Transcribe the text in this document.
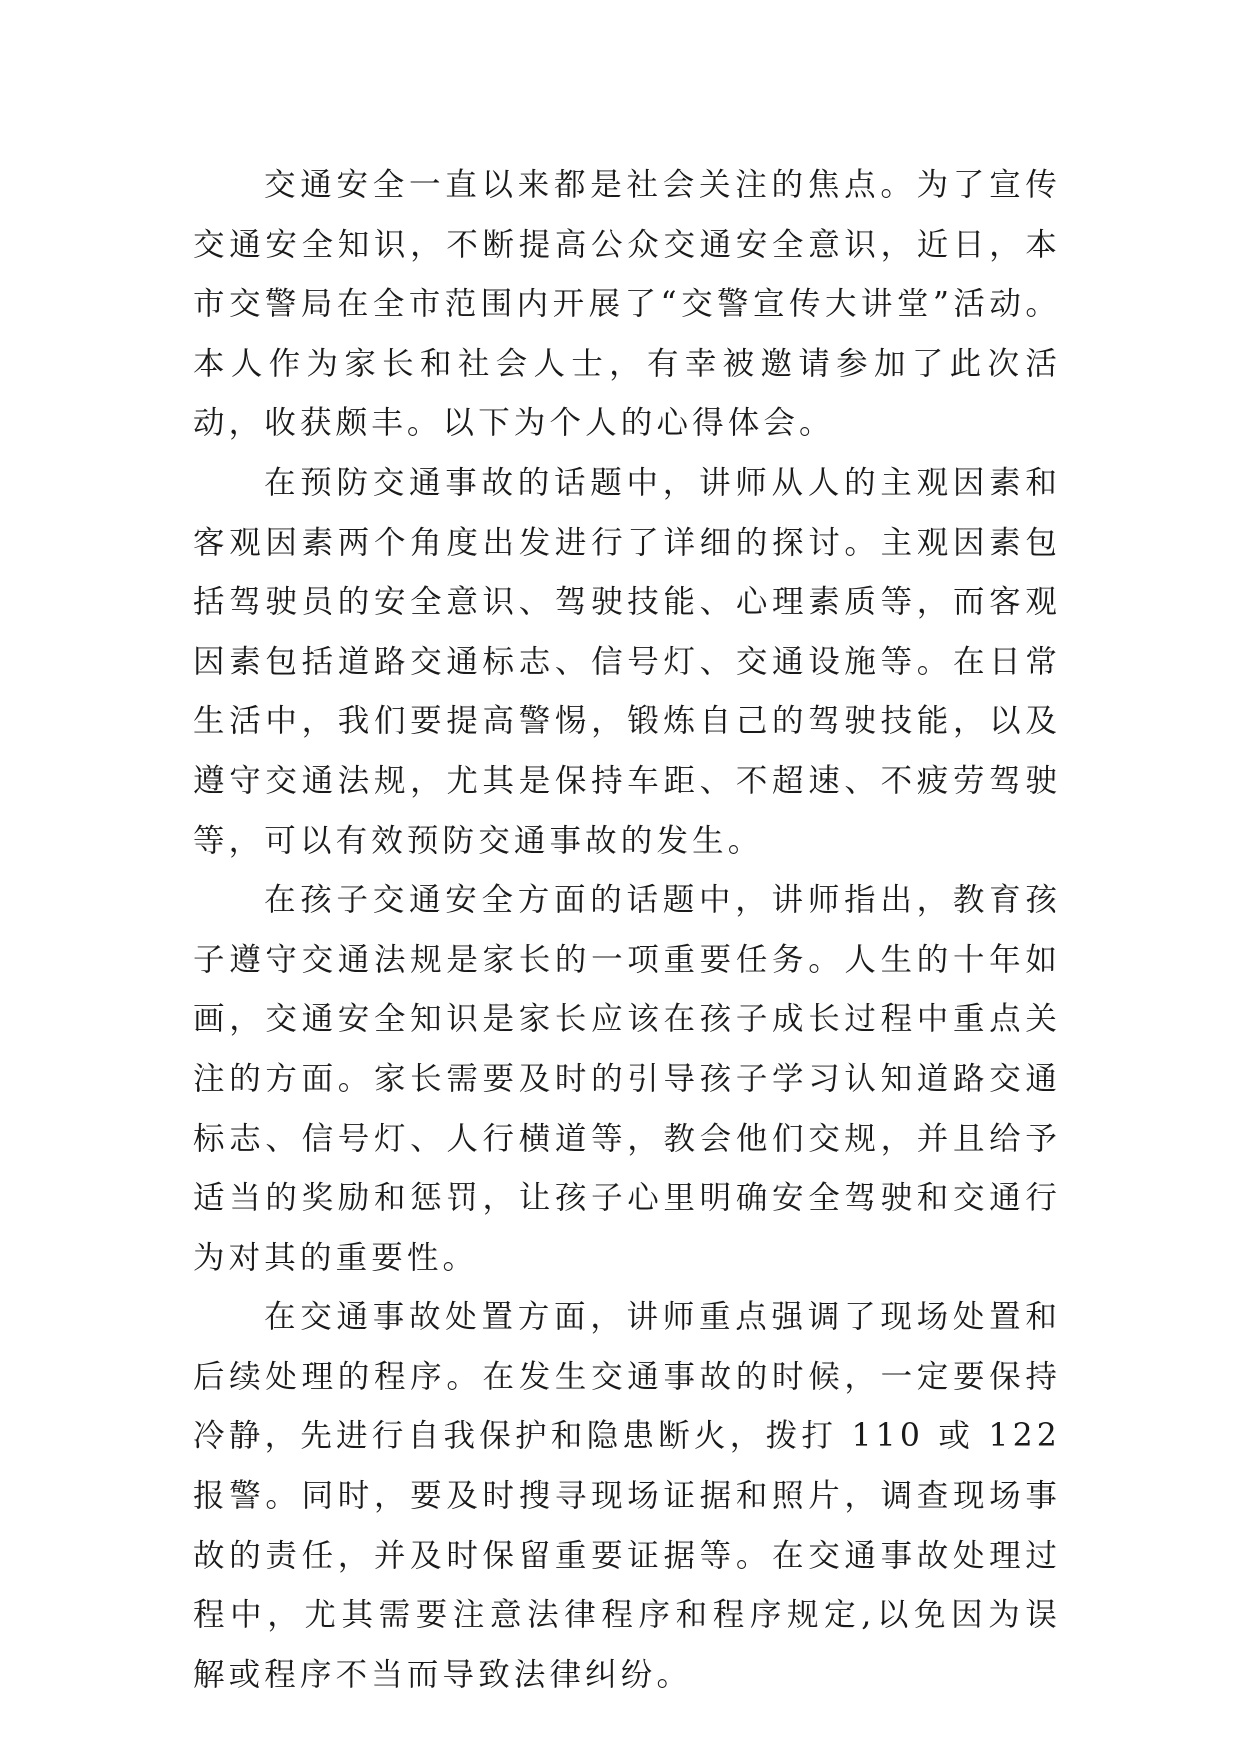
交通安全一直以来都是社会关注的焦点。为了宣传交通安全知识，不断提高公众交通安全意识，近日，本市交警局在全市范围内开展了“交警宣传大讲堂”活动。本人作为家长和社会人士，有幸被邀请参加了此次活动，收获颇丰。以下为个人的心得体会。

在预防交通事故的话题中，讲师从人的主观因素和客观因素两个角度出发进行了详细的探讨。主观因素包括驾驶员的安全意识、驾驶技能、心理素质等，而客观因素包括道路交通标志、信号灯、交通设施等。在日常生活中，我们要提高警惕，锻炼自己的驾驶技能，以及遵守交通法规，尤其是保持车距、不超速、不疲劳驾驶等，可以有效预防交通事故的发生。

在孩子交通安全方面的话题中，讲师指出，教育孩子遵守交通法规是家长的一项重要任务。人生的十年如画，交通安全知识是家长应该在孩子成长过程中重点关注的方面。家长需要及时的引导孩子学习认知道路交通标志、信号灯、人行横道等，教会他们交规，并且给予适当的奖励和惩罚，让孩子心里明确安全驾驶和交通行为对其的重要性。

在交通事故处置方面，讲师重点强调了现场处置和后续处理的程序。在发生交通事故的时候，一定要保持冷静，先进行自我保护和隐患断火，拨打 110 或 122 报警。同时，要及时搜寻现场证据和照片，调查现场事故的责任，并及时保留重要证据等。在交通事故处理过程中，尤其需要注意法律程序和程序规定,以免因为误解或程序不当而导致法律纠纷。
